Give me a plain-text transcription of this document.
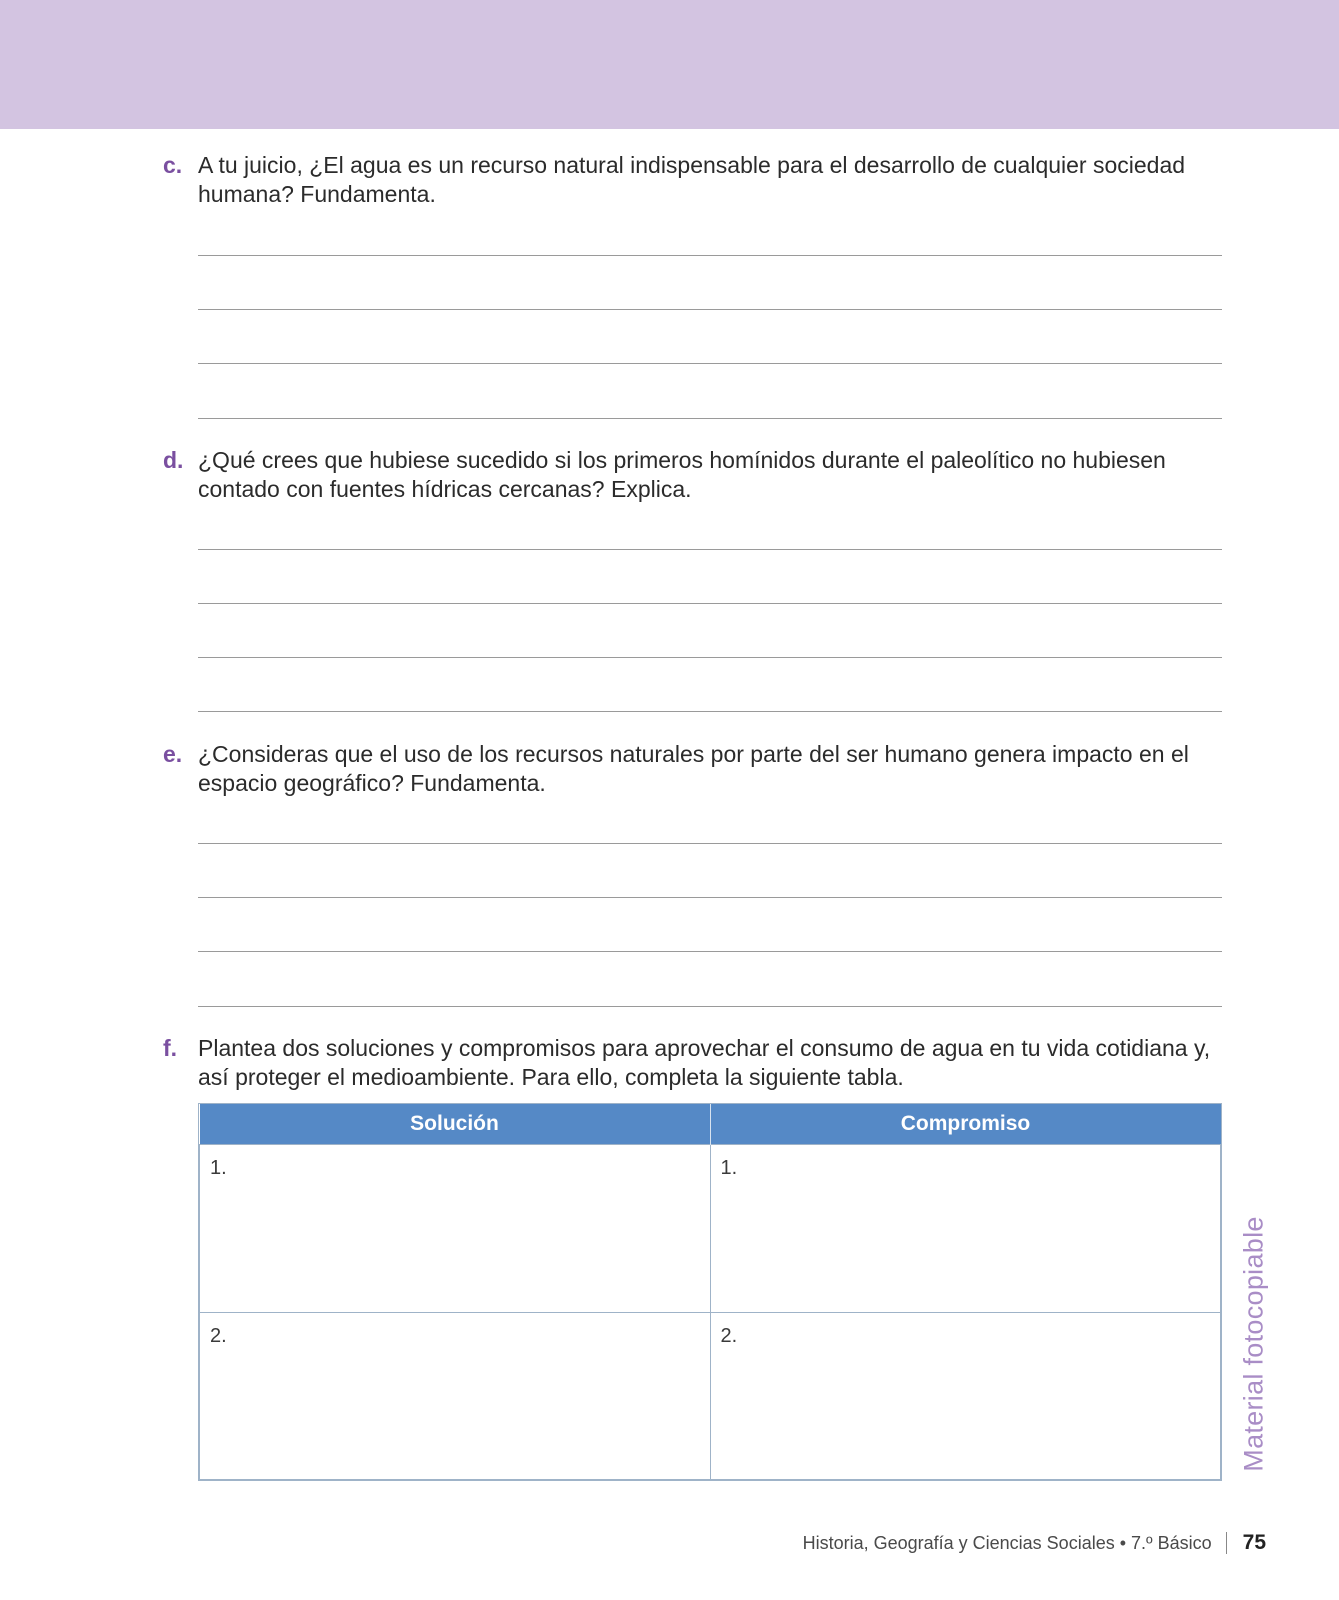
c. A tu juicio, ¿El agua es un recurso natural indispensable para el desarrollo de cualquier sociedad humana? Fundamenta.
d. ¿Qué crees que hubiese sucedido si los primeros homínidos durante el paleolítico no hubiesen contado con fuentes hídricas cercanas? Explica.
e. ¿Consideras que el uso de los recursos naturales por parte del ser humano genera impacto en el espacio geográfico? Fundamenta.
f. Plantea dos soluciones y compromisos para aprovechar el consumo de agua en tu vida cotidiana y, así proteger el medioambiente. Para ello, completa la siguiente tabla.
Solución	Compromiso
1.	1.
2.	2.	Material fotocopiable
Historia, Geografía y Ciencias Sociales • 7.º Básico 75
